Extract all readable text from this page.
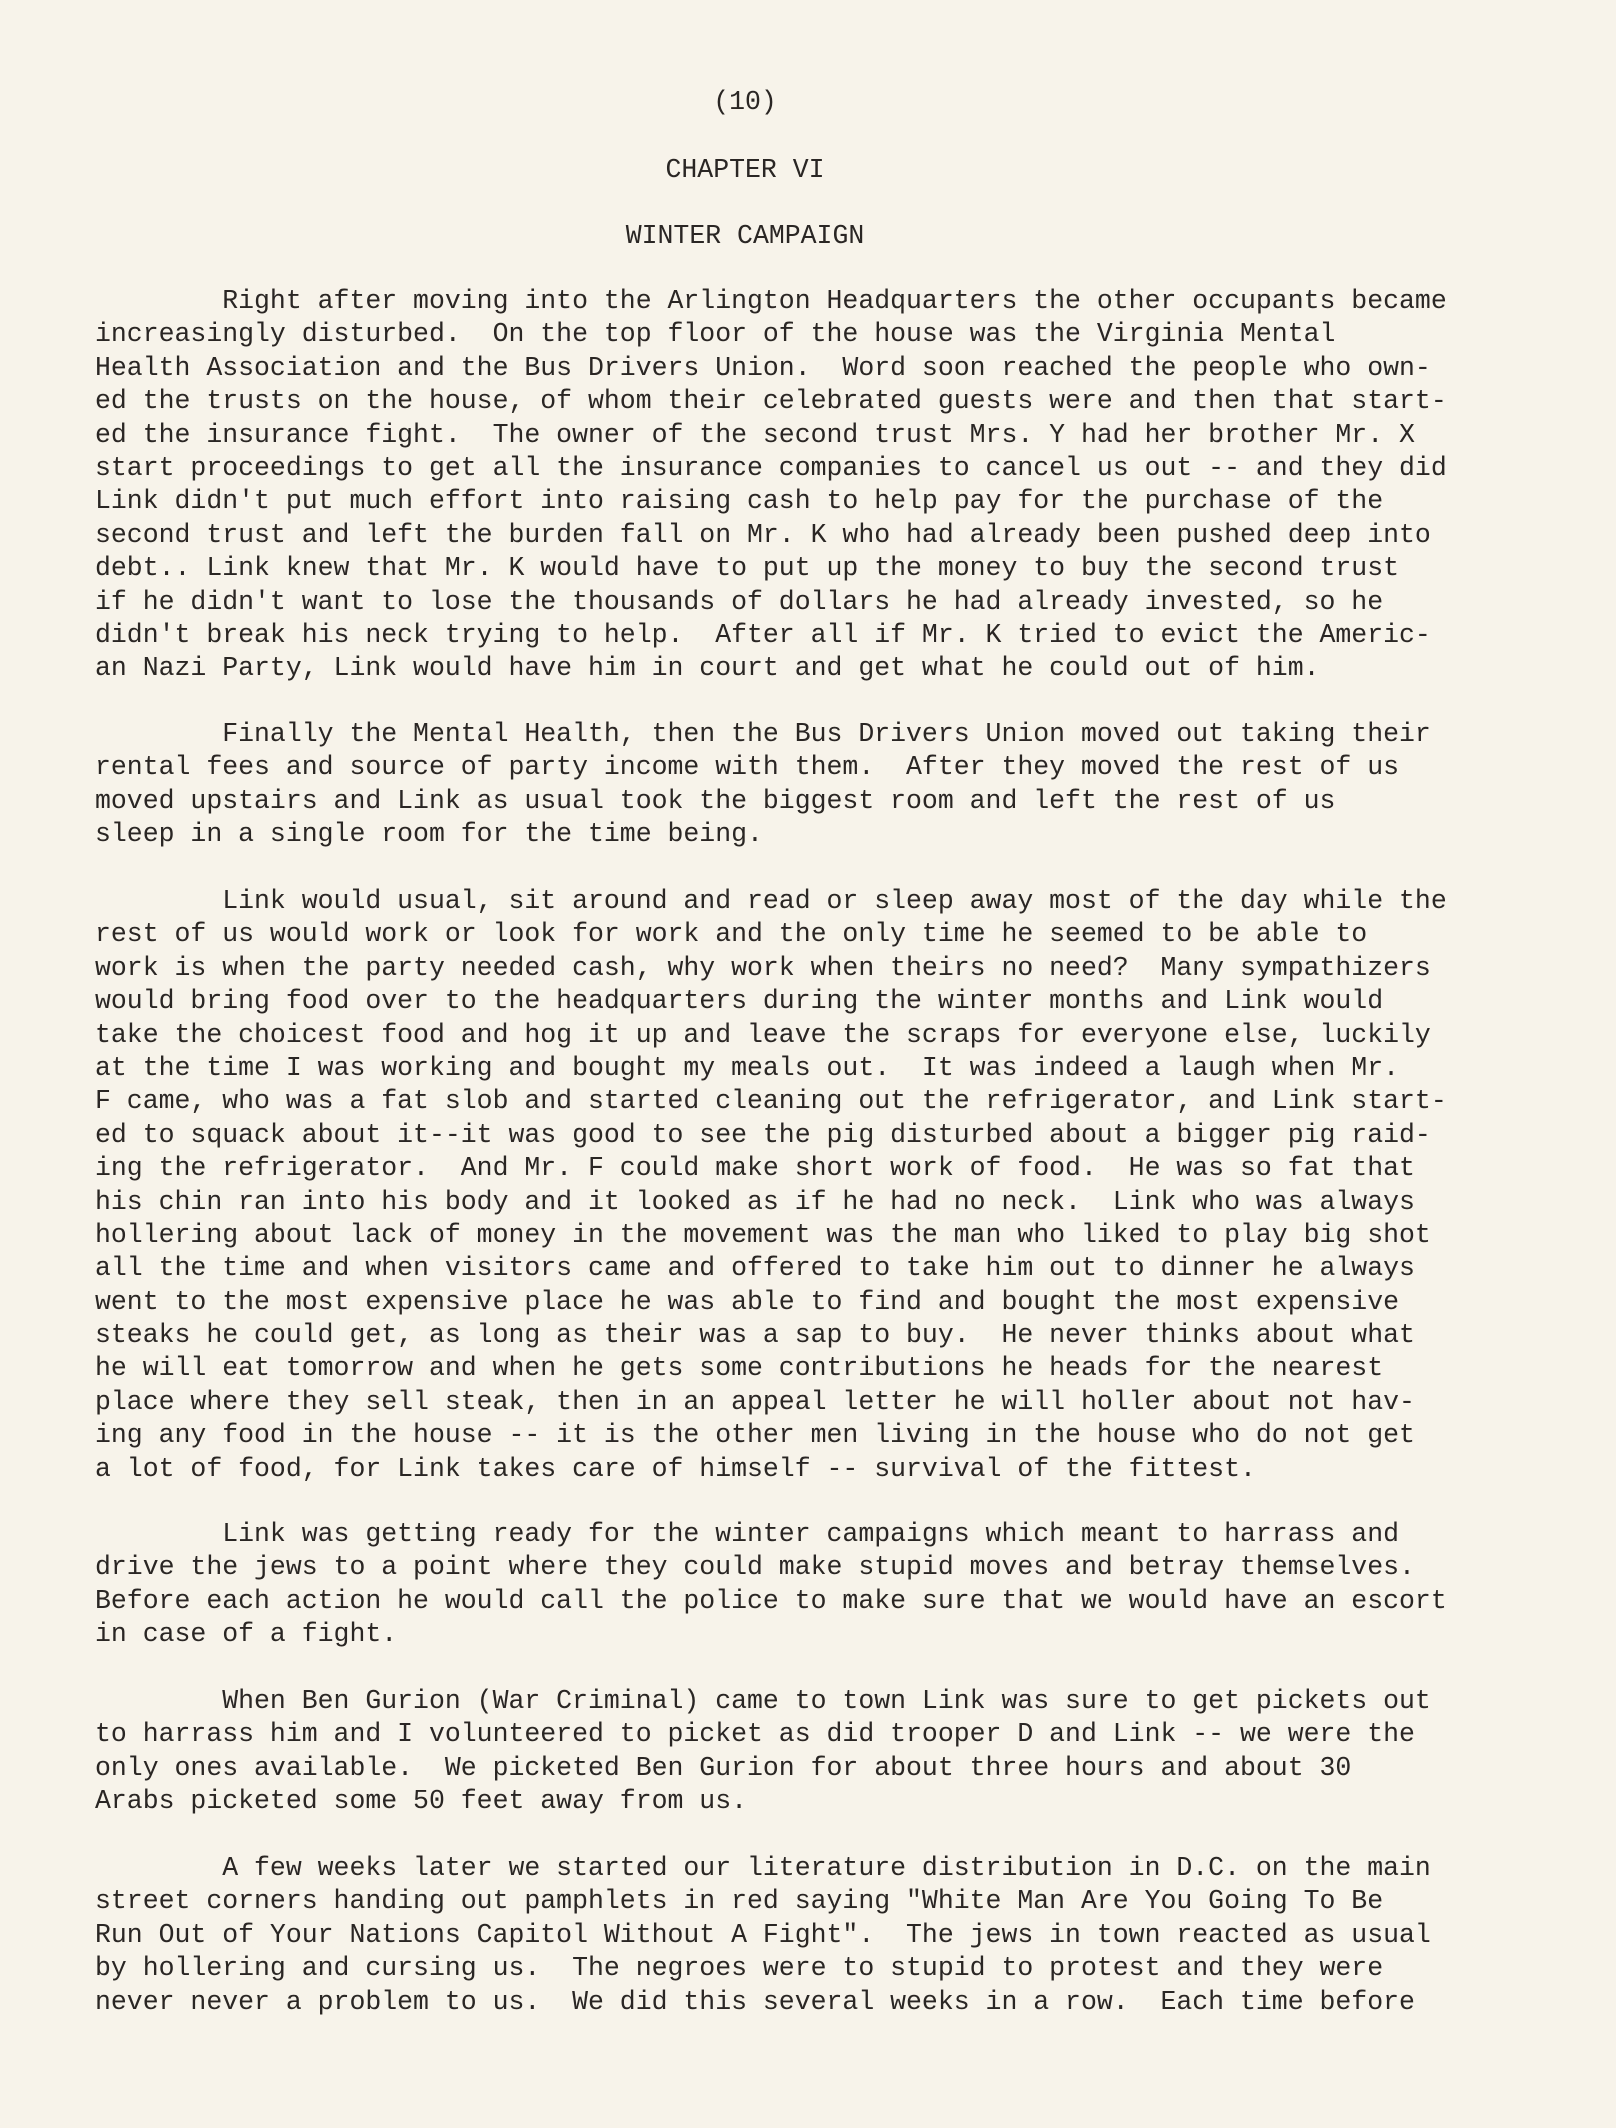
(10)
CHAPTER VI
WINTER CAMPAIGN
Right after moving into the Arlington Headquarters the other occupants became
increasingly disturbed.  On the top floor of the house was the Virginia Mental
Health Association and the Bus Drivers Union.  Word soon reached the people who own-
ed the trusts on the house, of whom their celebrated guests were and then that start-
ed the insurance fight.  The owner of the second trust Mrs. Y had her brother Mr. X
start proceedings to get all the insurance companies to cancel us out -- and they did
Link didn't put much effort into raising cash to help pay for the purchase of the
second trust and left the burden fall on Mr. K who had already been pushed deep into
debt.. Link knew that Mr. K would have to put up the money to buy the second trust
if he didn't want to lose the thousands of dollars he had already invested, so he
didn't break his neck trying to help.  After all if Mr. K tried to evict the Americ-
an Nazi Party, Link would have him in court and get what he could out of him.
Finally the Mental Health, then the Bus Drivers Union moved out taking their
rental fees and source of party income with them.  After they moved the rest of us
moved upstairs and Link as usual took the biggest room and left the rest of us
sleep in a single room for the time being.
Link would usual, sit around and read or sleep away most of the day while the
rest of us would work or look for work and the only time he seemed to be able to
work is when the party needed cash, why work when theirs no need?  Many sympathizers
would bring food over to the headquarters during the winter months and Link would
take the choicest food and hog it up and leave the scraps for everyone else, luckily
at the time I was working and bought my meals out.  It was indeed a laugh when Mr.
F came, who was a fat slob and started cleaning out the refrigerator, and Link start-
ed to squack about it--it was good to see the pig disturbed about a bigger pig raid-
ing the refrigerator.  And Mr. F could make short work of food.  He was so fat that
his chin ran into his body and it looked as if he had no neck.  Link who was always
hollering about lack of money in the movement was the man who liked to play big shot
all the time and when visitors came and offered to take him out to dinner he always
went to the most expensive place he was able to find and bought the most expensive
steaks he could get, as long as their was a sap to buy.  He never thinks about what
he will eat tomorrow and when he gets some contributions he heads for the nearest
place where they sell steak, then in an appeal letter he will holler about not hav-
ing any food in the house -- it is the other men living in the house who do not get
a lot of food, for Link takes care of himself -- survival of the fittest.
Link was getting ready for the winter campaigns which meant to harrass and
drive the jews to a point where they could make stupid moves and betray themselves.
Before each action he would call the police to make sure that we would have an escort
in case of a fight.
When Ben Gurion (War Criminal) came to town Link was sure to get pickets out
to harrass him and I volunteered to picket as did trooper D and Link -- we were the
only ones available.  We picketed Ben Gurion for about three hours and about 30
Arabs picketed some 50 feet away from us.
A few weeks later we started our literature distribution in D.C. on the main
street corners handing out pamphlets in red saying "White Man Are You Going To Be
Run Out of Your Nations Capitol Without A Fight".  The jews in town reacted as usual
by hollering and cursing us.  The negroes were to stupid to protest and they were
never never a problem to us.  We did this several weeks in a row.  Each time before
